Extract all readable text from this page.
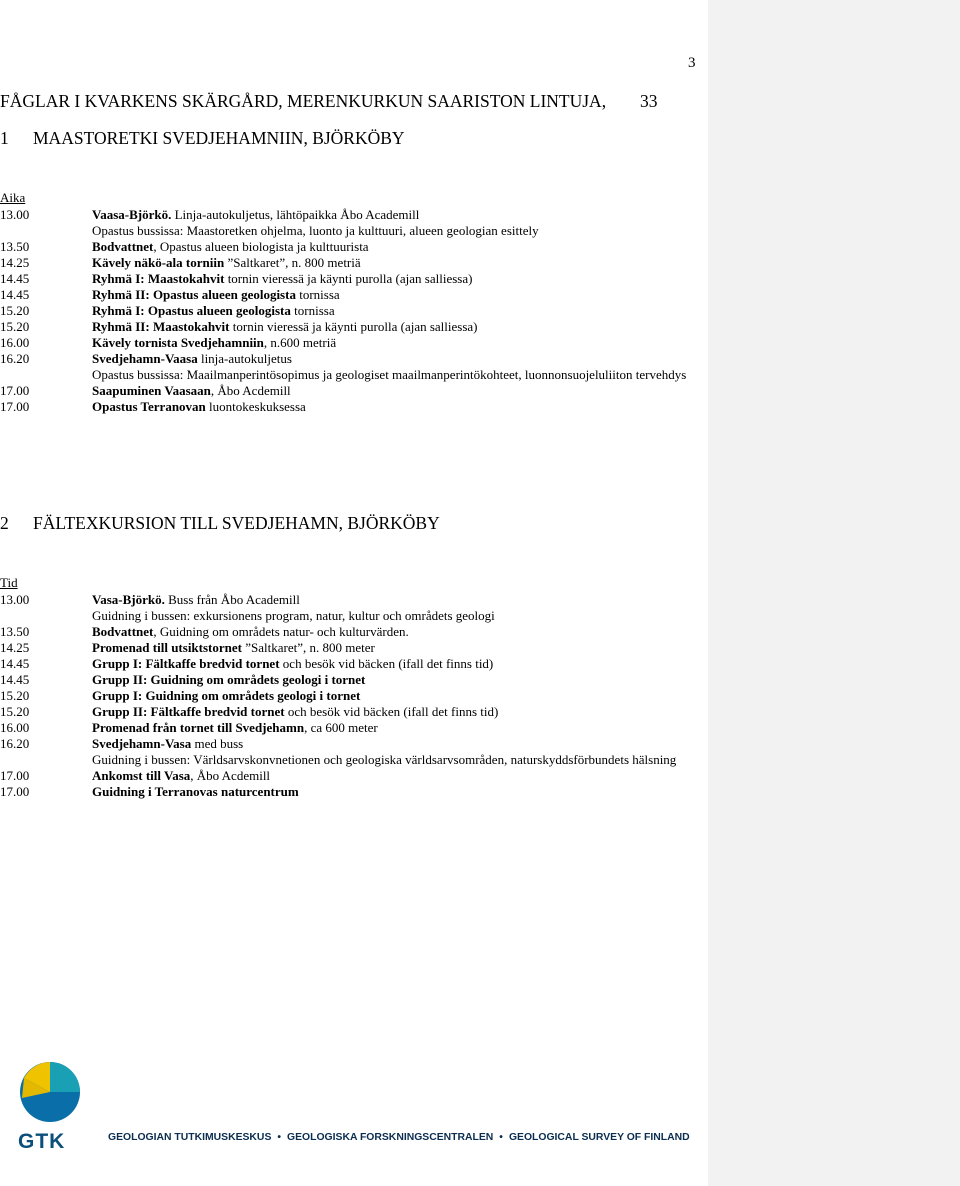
3
FÅGLAR I KVARKENS SKÄRGÅRD, MERENKURKUN SAARISTON LINTUJA, 33
1 MAASTORETKI SVEDJEHAMNIIN, BJÖRKÖBY
Aika
13.00	Vaasa-Björkö. Linja-autokuljetus, lähtöpaikka Åbo Academill
Opastus bussissa: Maastoretken ohjelma, luonto ja kulttuuri, alueen geologian esittely
13.50	Bodvattnet, Opastus alueen biologista ja kulttuurista
14.25	Kävely näkö-ala torniin ”Saltkaret”, n. 800 metriä
14.45	Ryhmä I: Maastokahvit tornin vieressä ja käynti purolla (ajan salliessa)
14.45	Ryhmä II: Opastus alueen geologista tornissa
15.20	Ryhmä I: Opastus alueen geologista tornissa
15.20	Ryhmä II: Maastokahvit tornin vieressä ja käynti purolla (ajan salliessa)
16.00	Kävely tornista Svedjehamniin, n.600 metriä
16.20	Svedjehamn-Vaasa linja-autokuljetus
Opastus bussissa: Maailmanperintösopimus ja geologiset maailmanperintökohteet, luonnonsuojeluliiton tervehdys
17.00	Saapuminen Vaasaan, Åbo Acdemill
17.00	Opastus Terranovan luontokeskuksessa
2 FÄLTEXKURSION TILL SVEDJEHAMN, BJÖRKÖBY
Tid
13.00	Vasa-Björkö. Buss från Åbo Academill
Guidning i bussen: exkursionens program, natur, kultur och områdets geologi
13.50	Bodvattnet, Guidning om områdets natur- och kulturvärden.
14.25	Promenad till utsiktstornet ”Saltkaret”, n. 800 meter
14.45	Grupp I: Fältkaffe bredvid tornet och besök vid bäcken (ifall det finns tid)
14.45	Grupp II: Guidning om områdets geologi i tornet
15.20	Grupp I: Guidning om områdets geologi i tornet
15.20	Grupp II: Fältkaffe bredvid tornet och besök vid bäcken (ifall det finns tid)
16.00	Promenad från tornet till Svedjehamn, ca 600 meter
16.20	Svedjehamn-Vasa med buss
Guidning i bussen: Världsarvskonvnetionen och geologiska världsarvsområden, naturskyddsförbundets hälsning
17.00	Ankomst till Vasa, Åbo Acdemill
17.00	Guidning i Terranovas naturcentrum
GTK	GEOLOGIAN TUTKIMUSKESKUS • GEOLOGISKA FORSKNINGSCENTRALEN • GEOLOGICAL SURVEY OF FINLAND
